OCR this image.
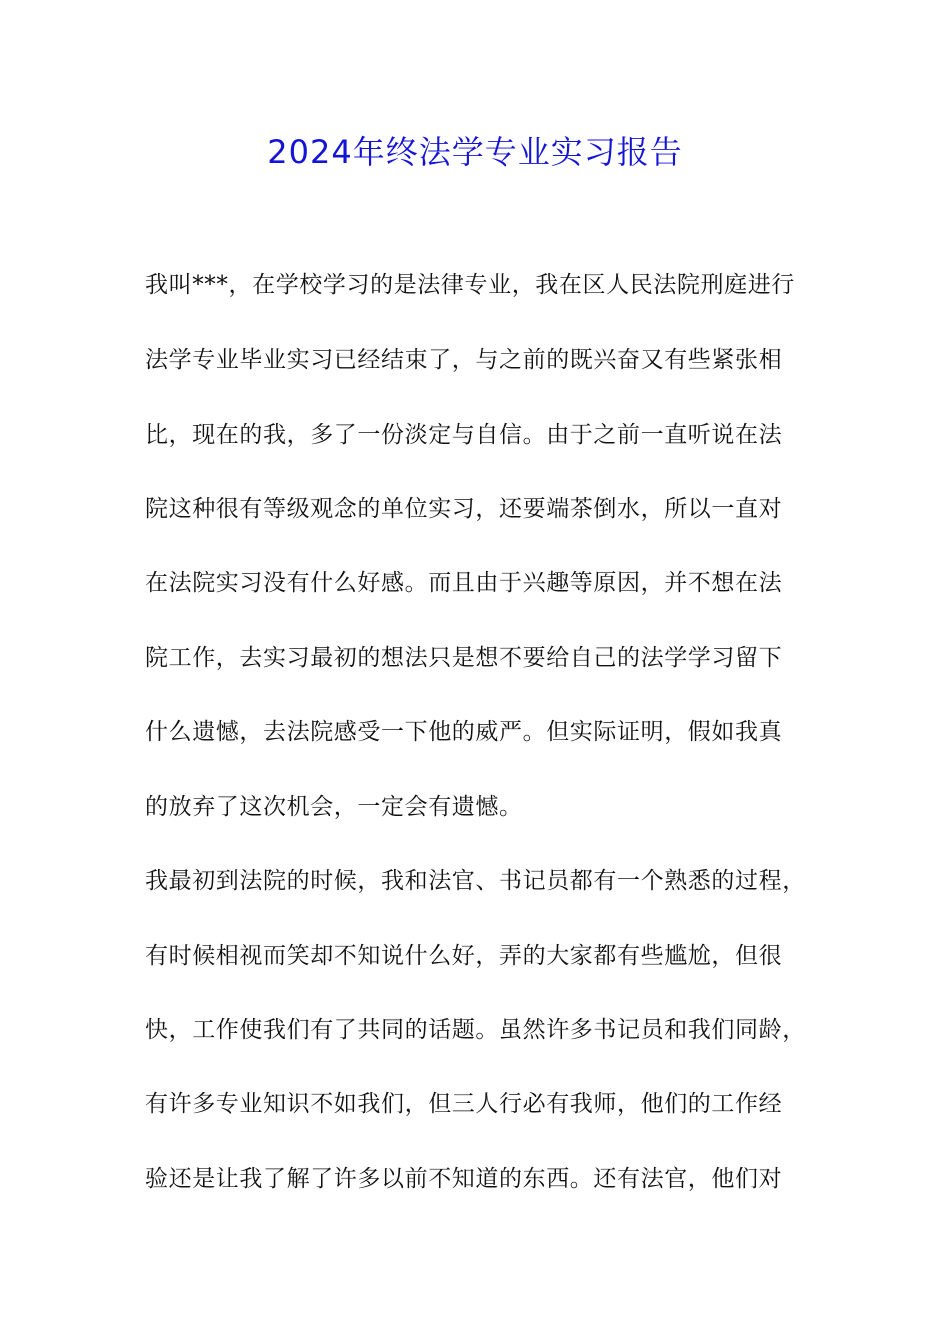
2024年终法学专业实习报告
我叫***，在学校学习的是法律专业，我在区人民法院刑庭进行
法学专业毕业实习已经结束了，与之前的既兴奋又有些紧张相
比，现在的我，多了一份淡定与自信。由于之前一直听说在法
院这种很有等级观念的单位实习，还要端茶倒水，所以一直对
在法院实习没有什么好感。而且由于兴趣等原因，并不想在法
院工作，去实习最初的想法只是想不要给自己的法学学习留下
什么遗憾，去法院感受一下他的威严。但实际证明，假如我真
的放弃了这次机会，一定会有遗憾。
我最初到法院的时候，我和法官、书记员都有一个熟悉的过程，
有时候相视而笑却不知说什么好，弄的大家都有些尴尬，但很
快，工作使我们有了共同的话题。虽然许多书记员和我们同龄，
有许多专业知识不如我们，但三人行必有我师，他们的工作经
验还是让我了解了许多以前不知道的东西。还有法官，他们对
